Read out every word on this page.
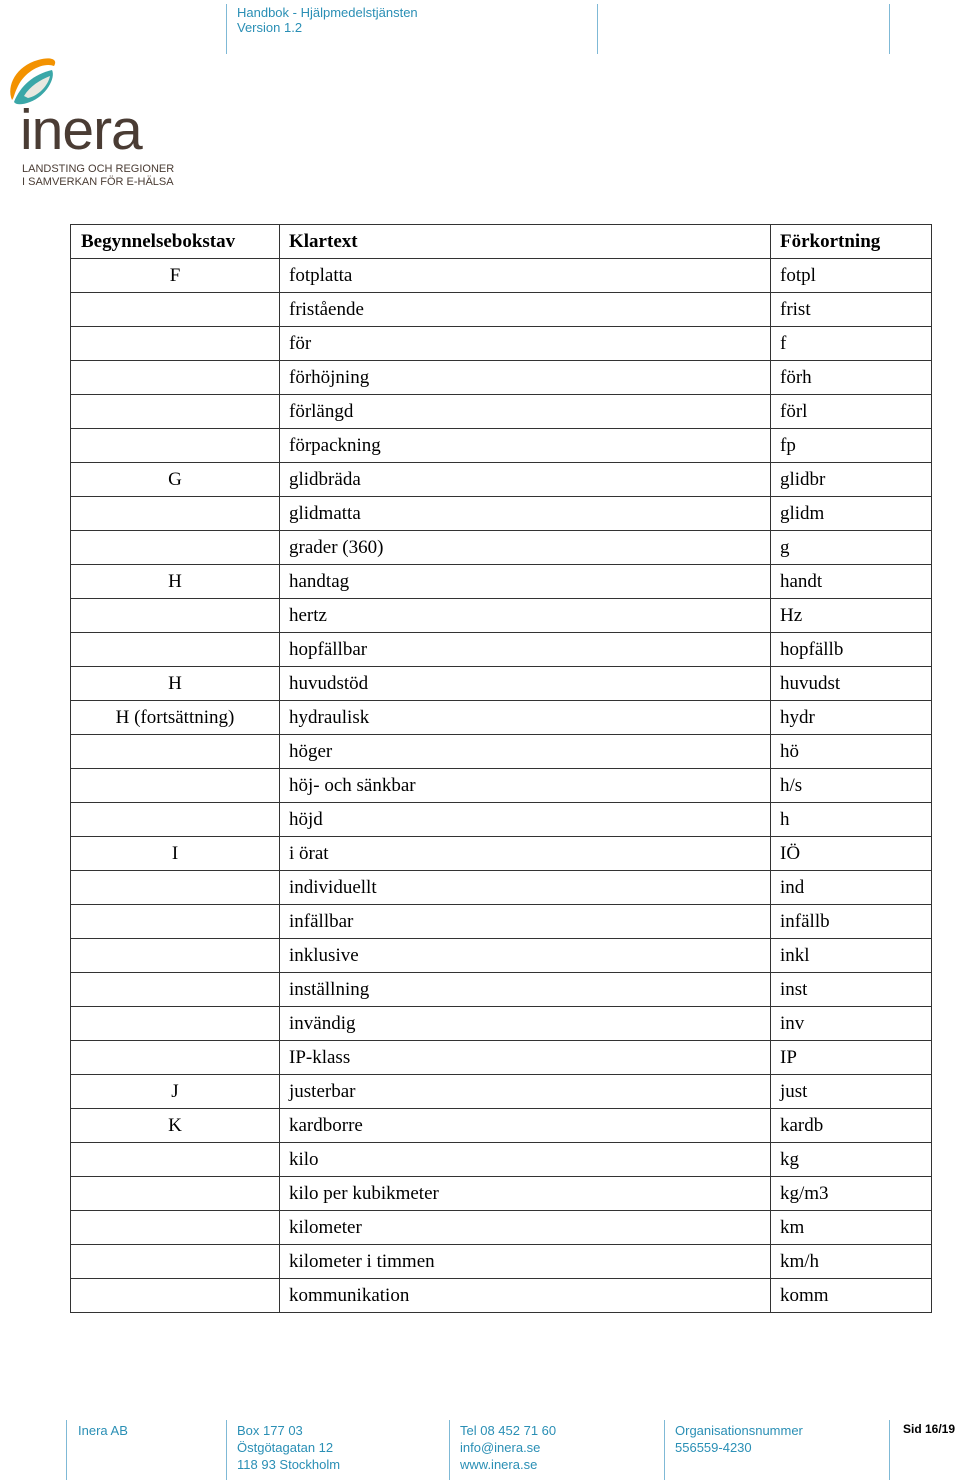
Handbok - Hjälpmedelstjänsten
Version 1.2
inera
LANDSTING OCH REGIONER
I SAMVERKAN FÖR E-HÄLSA
Begynnelsebokstav	Klartext	Förkortning
F	fotplatta	fotpl
	fristående	frist
	för	f
	förhöjning	förh
	förlängd	förl
	förpackning	fp
G	glidbräda	glidbr
	glidmatta	glidm
	grader (360)	g
H	handtag	handt
	hertz	Hz
	hopfällbar	hopfällb
H	huvudstöd	huvudst
H (fortsättning)	hydraulisk	hydr
	höger	hö
	höj- och sänkbar	h/s
	höjd	h
I	i örat	IÖ
	individuellt	ind
	infällbar	infällb
	inklusive	inkl
	inställning	inst
	invändig	inv
	IP-klass	IP
J	justerbar	just
K	kardborre	kardb
	kilo	kg
	kilo per kubikmeter	kg/m3
	kilometer	km
	kilometer i timmen	km/h
	kommunikation	komm
Inera AB	Box 177 03
Östgötagatan 12
118 93 Stockholm
Tel 08 452 71 60
info@inera.se
www.inera.se
Organisationsnummer
556559-4230
Sid 16/19
